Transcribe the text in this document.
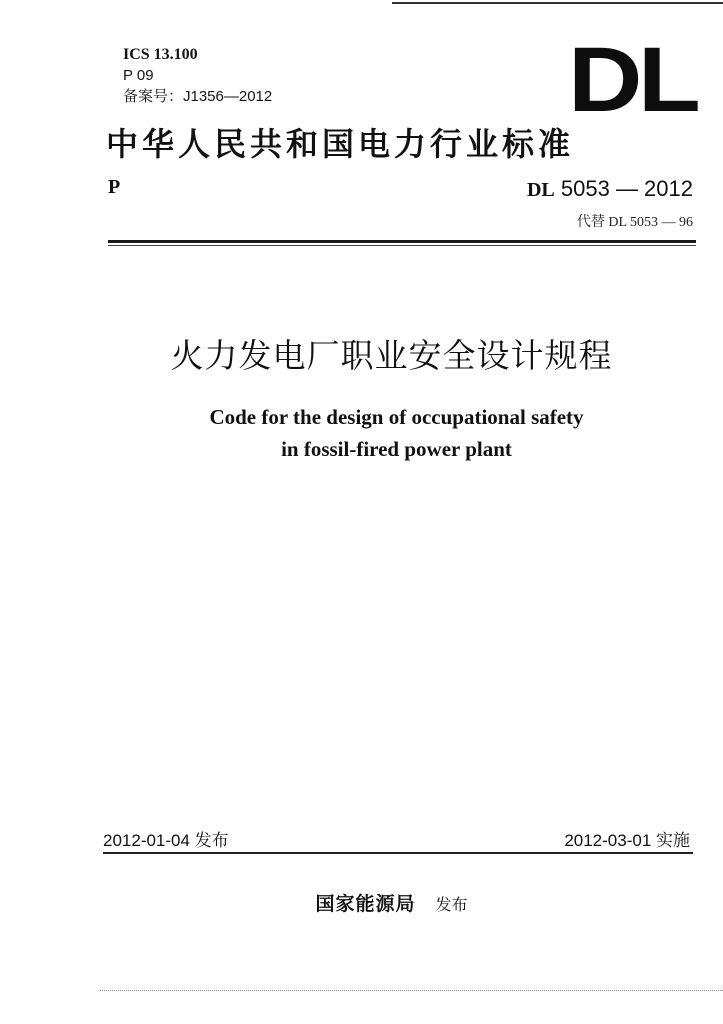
ICS 13.100
P 09
备案号：J1356—2012	DL
中华人民共和国电力行业标准
P	DL 5053 — 2012
代替 DL 5053 — 96
火力发电厂职业安全设计规程
Code for the design of occupational safety
in fossil-fired power plant
2012-01-04 发布	2012-03-01 实施
国家能源局 发布
